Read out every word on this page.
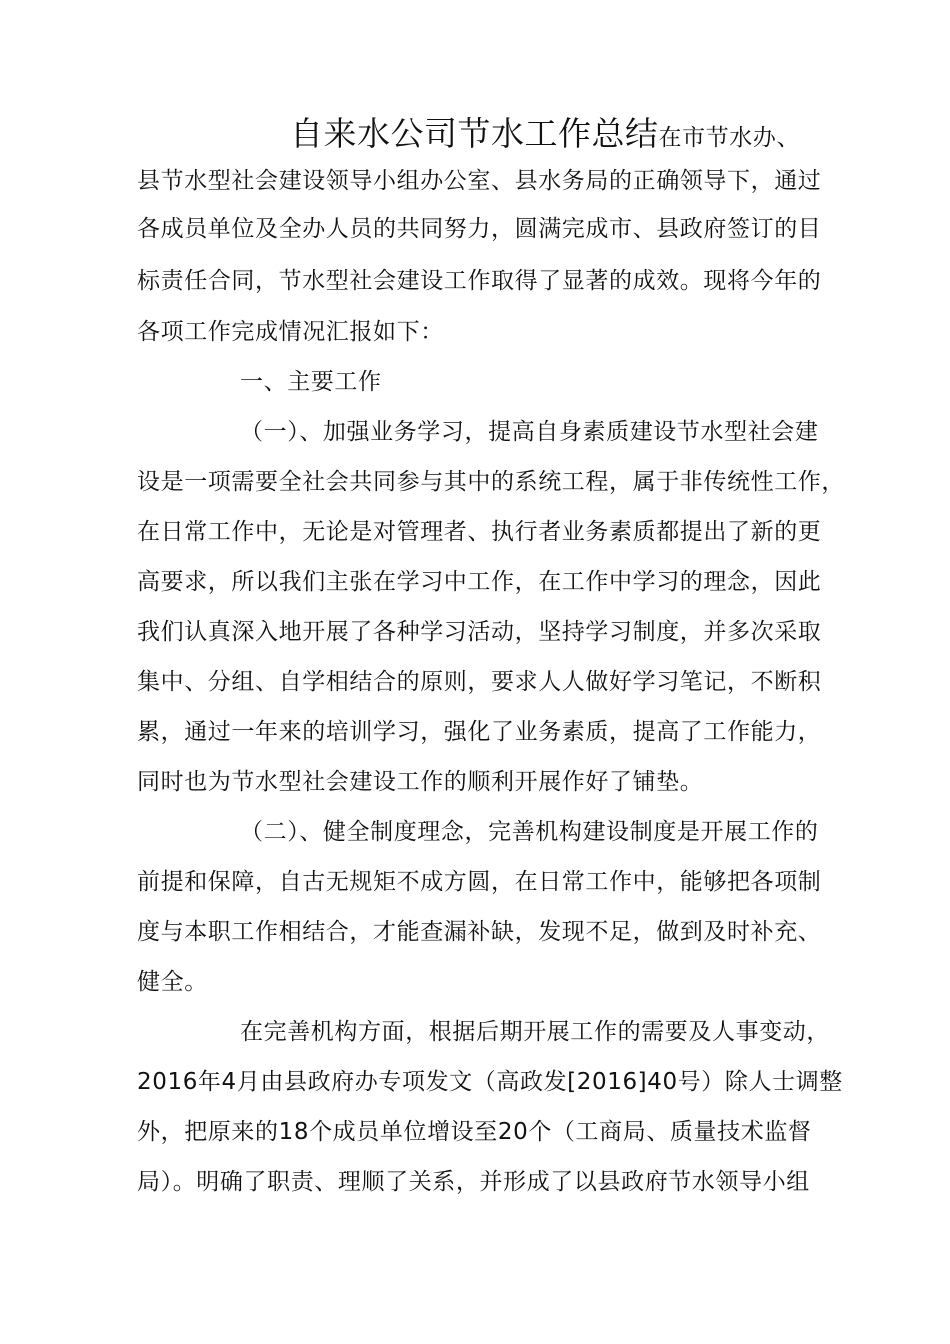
自来水公司节水工作总结在市节水办、
县节水型社会建设领导小组办公室、县水务局的正确领导下，通过
各成员单位及全办人员的共同努力，圆满完成市、县政府签订的目
标责任合同，节水型社会建设工作取得了显著的成效。现将今年的
各项工作完成情况汇报如下：
一、主要工作
（一）、加强业务学习，提高自身素质建设节水型社会建
设是一项需要全社会共同参与其中的系统工程，属于非传统性工作，
在日常工作中，无论是对管理者、执行者业务素质都提出了新的更
高要求，所以我们主张在学习中工作，在工作中学习的理念，因此
我们认真深入地开展了各种学习活动，坚持学习制度，并多次采取
集中、分组、自学相结合的原则，要求人人做好学习笔记，不断积
累，通过一年来的培训学习，强化了业务素质，提高了工作能力，
同时也为节水型社会建设工作的顺利开展作好了铺垫。
（二）、健全制度理念，完善机构建设制度是开展工作的
前提和保障，自古无规矩不成方圆，在日常工作中，能够把各项制
度与本职工作相结合，才能查漏补缺，发现不足，做到及时补充、
健全。
在完善机构方面，根据后期开展工作的需要及人事变动，
2016年4月由县政府办专项发文（高政发[2016]40号）除人士调整
外，把原来的18个成员单位增设至20个（工商局、质量技术监督
局）。明确了职责、理顺了关系，并形成了以县政府节水领导小组
